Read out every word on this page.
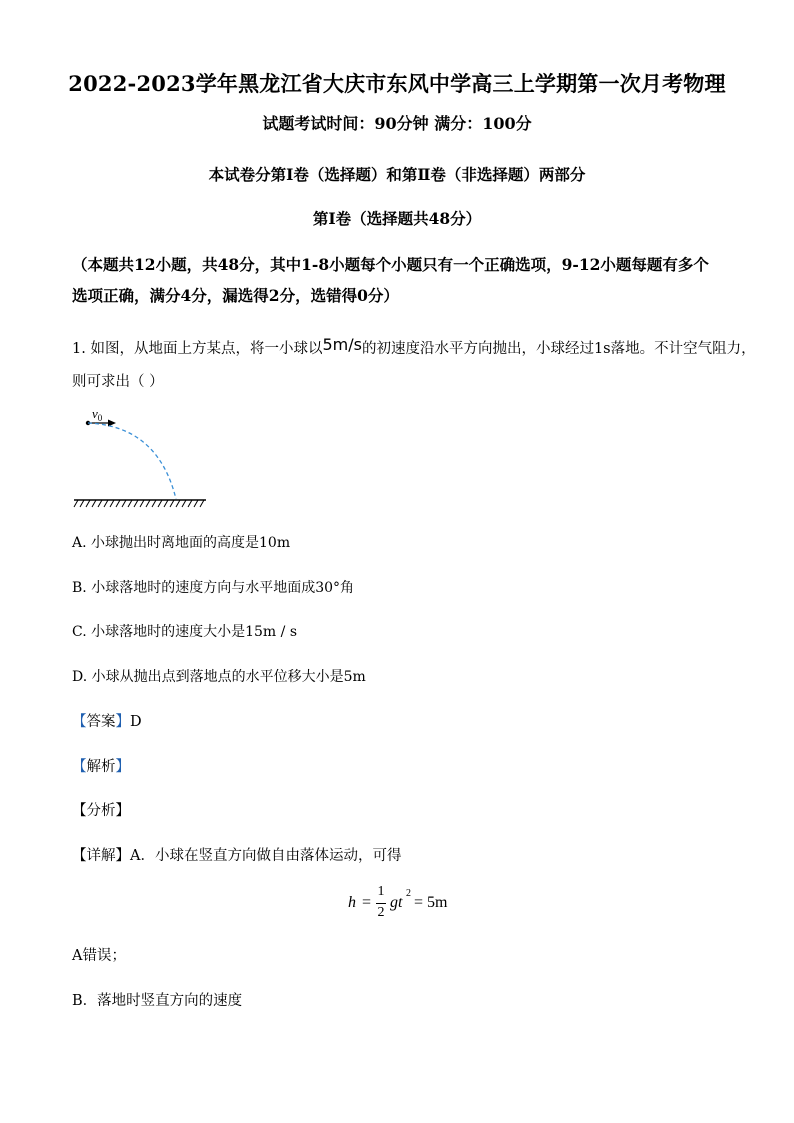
2022-2023学年黑龙江省大庆市东风中学高三上学期第一次月考物理
试题考试时间：90分钟 满分：100分
本试卷分第Ⅰ卷（选择题）和第Ⅱ卷（非选择题）两部分
第Ⅰ卷（选择题共48分）
（本题共12小题，共48分，其中1-8小题每个小题只有一个正确选项，9-12小题每题有多个
选项正确，满分4分，漏选得2分，选错得0分）
1. 如图，从地面上方某点，将一小球以5m/s的初速度沿水平方向抛出，小球经过1s落地。不计空气阻力，
则可求出（ ）
$v_0$
A. 小球抛出时离地面的高度是10m
B. 小球落地时的速度方向与水平地面成30°角
C. 小球落地时的速度大小是15m / s
D. 小球从抛出点到落地点的水平位移大小是5m
【答案】D
【解析】
【分析】
【详解】A．小球在竖直方向做自由落体运动，可得
h =
1
2
gt
2
= 5m
A错误；
B．落地时竖直方向的速度
